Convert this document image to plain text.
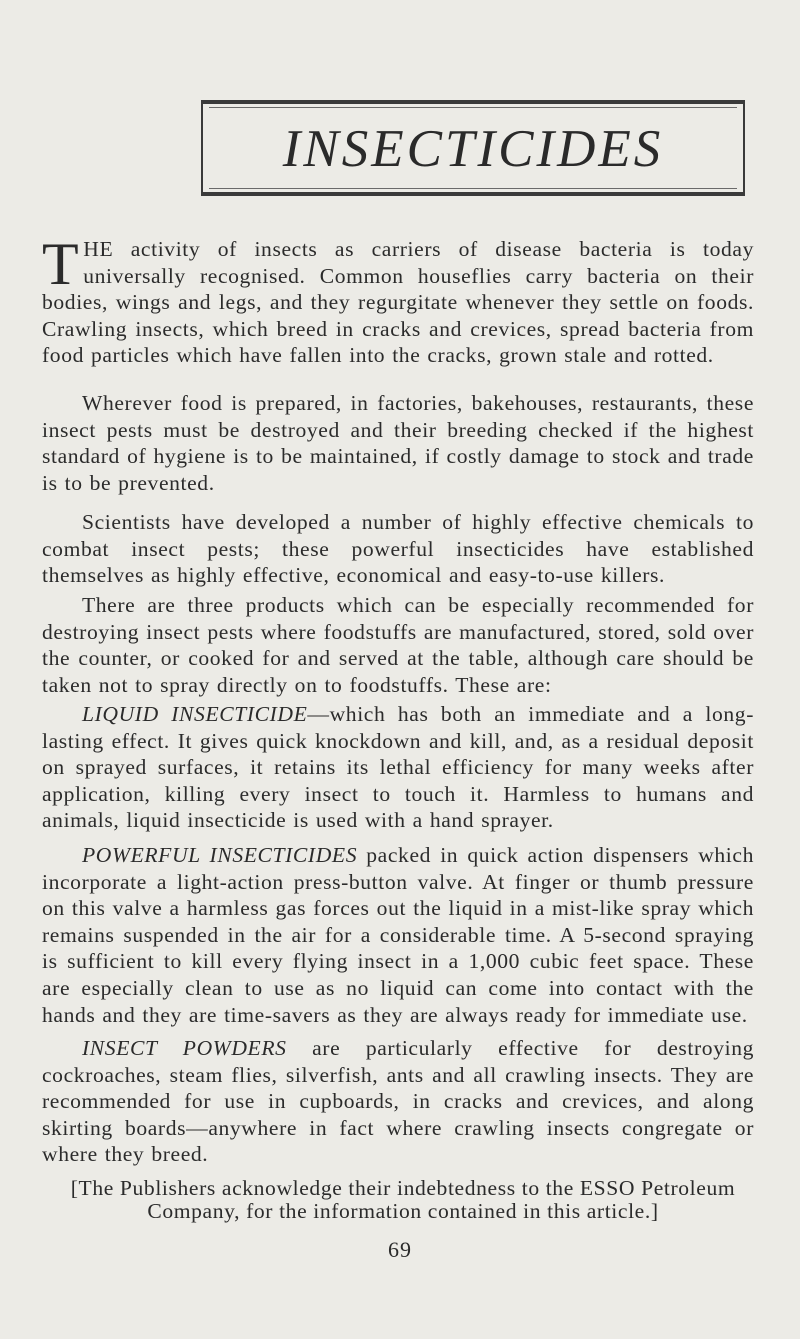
INSECTICIDES

THE activity of insects as carriers of disease bacteria is today universally recognised. Common houseflies carry bacteria on their bodies, wings and legs, and they regurgitate whenever they settle on foods. Crawling insects, which breed in cracks and crevices, spread bacteria from food particles which have fallen into the cracks, grown stale and rotted.

Wherever food is prepared, in factories, bakehouses, restaurants, these insect pests must be destroyed and their breeding checked if the highest standard of hygiene is to be maintained, if costly damage to stock and trade is to be prevented.

Scientists have developed a number of highly effective chemicals to combat insect pests; these powerful insecticides have established themselves as highly effective, economical and easy-to-use killers.

There are three products which can be especially recommended for destroying insect pests where foodstuffs are manufactured, stored, sold over the counter, or cooked for and served at the table, although care should be taken not to spray directly on to foodstuffs. These are:

LIQUID INSECTICIDE—which has both an immediate and a long-lasting effect. It gives quick knockdown and kill, and, as a residual deposit on sprayed surfaces, it retains its lethal efficiency for many weeks after application, killing every insect to touch it. Harmless to humans and animals, liquid insecticide is used with a hand sprayer.

POWERFUL INSECTICIDES packed in quick action dispensers which incorporate a light-action press-button valve. At finger or thumb pressure on this valve a harmless gas forces out the liquid in a mist-like spray which remains suspended in the air for a considerable time. A 5-second spraying is sufficient to kill every flying insect in a 1,000 cubic feet space. These are especially clean to use as no liquid can come into contact with the hands and they are time-savers as they are always ready for immediate use.

INSECT POWDERS are particularly effective for destroying cockroaches, steam flies, silverfish, ants and all crawling insects. They are recommended for use in cupboards, in cracks and crevices, and along skirting boards—anywhere in fact where crawling insects congregate or where they breed.

[The Publishers acknowledge their indebtedness to the ESSO Petroleum Company, for the information contained in this article.]

69
